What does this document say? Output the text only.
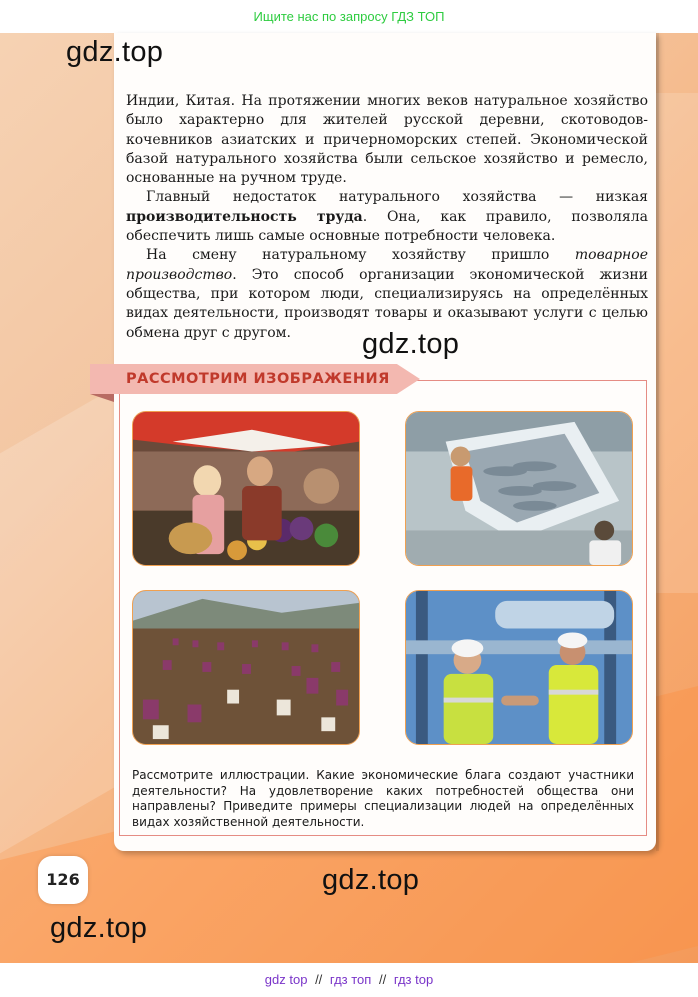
Ищите нас по запросу ГДЗ ТОП
gdz.top

Индии, Китая. На протяжении многих веков натуральное хозяйство было характерно для жителей русской деревни, скотоводов-кочевников азиатских и причерноморских степей. Экономической базой натурального хозяйства были сельское хозяйство и ремесло, основанные на ручном труде.

Главный недостаток натурального хозяйства — низкая производительность труда. Она, как правило, позволяла обеспечить лишь самые основные потребности человека.

На смену натуральному хозяйству пришло товарное производство. Это способ организации экономической жизни общества, при котором люди, специализируясь на определённых видах деятельности, производят товары и оказывают услуги с целью обмена друг с другом.	gdz.top
РАССМОТРИМ ИЗОБРАЖЕНИЯ
Рассмотрите иллюстрации. Какие экономические блага создают участники деятельности? На удовлетворение каких потребностей общества они направлены? Приведите примеры специализации людей на определённых видах хозяйственной деятельности.
126	gdz.top
gdz.top
gdz top // гдз топ // гдз top
